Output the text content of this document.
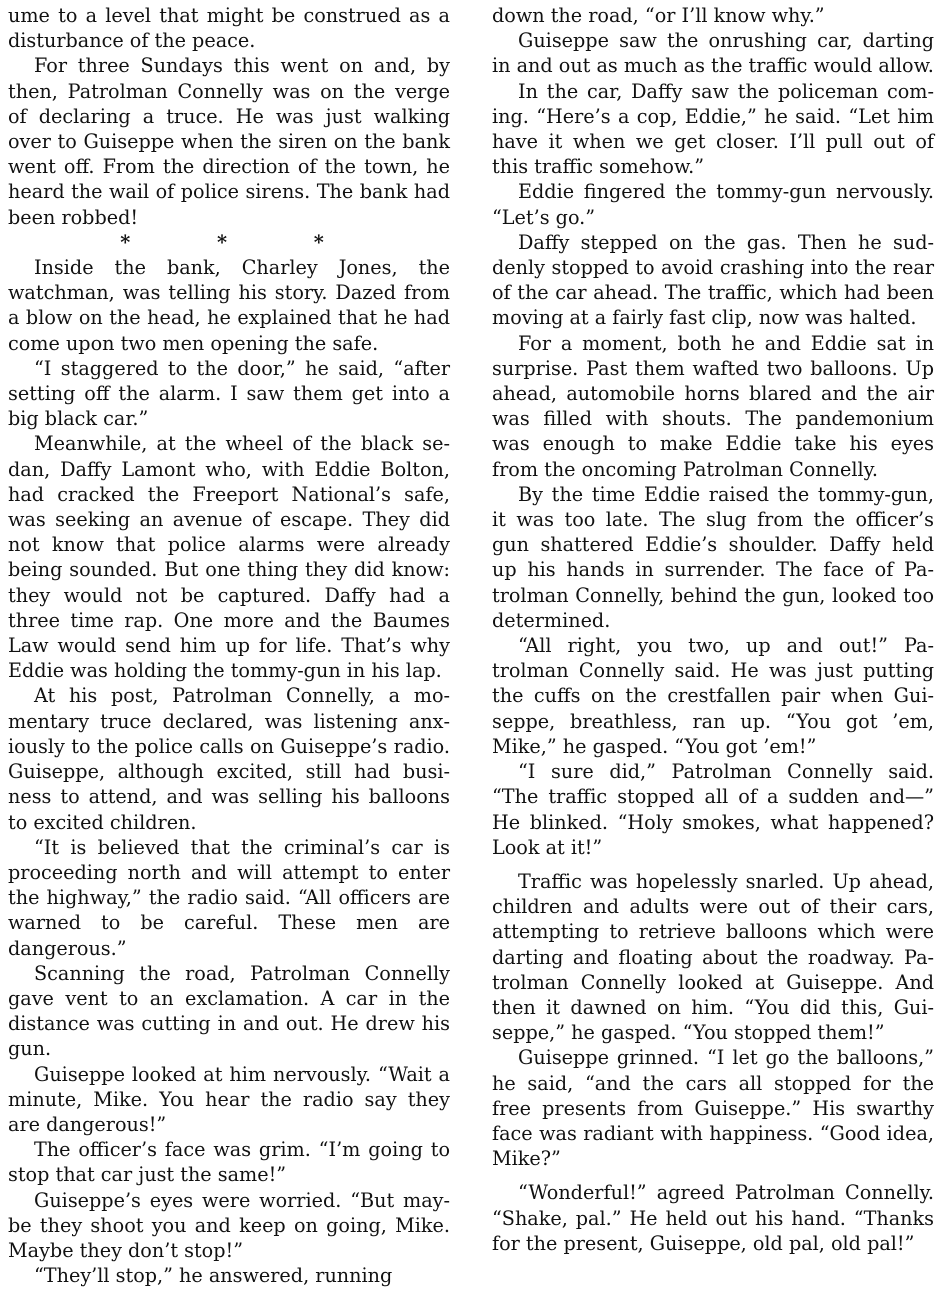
ume to a level that might be construed as a disturbance of the peace.

For three Sundays this went on and, by then, Patrolman Connelly was on the verge of declaring a truce. He was just walking over to Guiseppe when the siren on the bank went off. From the direction of the town, he heard the wail of police sirens. The bank had been robbed!

* * *

Inside the bank, Charley Jones, the watchman, was telling his story. Dazed from a blow on the head, he explained that he had come upon two men opening the safe.

“I staggered to the door,” he said, “after setting off the alarm. I saw them get into a big black car.”

Meanwhile, at the wheel of the black sedan, Daffy Lamont who, with Eddie Bolton, had cracked the Freeport National’s safe, was seeking an avenue of escape. They did not know that police alarms were already being sounded. But one thing they did know: they would not be captured. Daffy had a three time rap. One more and the Baumes Law would send him up for life. That’s why Eddie was holding the tommy-gun in his lap.

At his post, Patrolman Connelly, a momentary truce declared, was listening anxiously to the police calls on Guiseppe’s radio. Guiseppe, although excited, still had business to attend, and was selling his balloons to excited children.

“It is believed that the criminal’s car is proceeding north and will attempt to enter the highway,” the radio said. “All officers are warned to be careful. These men are dangerous.”

Scanning the road, Patrolman Connelly gave vent to an exclamation. A car in the distance was cutting in and out. He drew his gun.

Guiseppe looked at him nervously. “Wait a minute, Mike. You hear the radio say they are dangerous!”

The officer’s face was grim. “I’m going to stop that car just the same!”

Guiseppe’s eyes were worried. “But maybe they shoot you and keep on going, Mike. Maybe they don’t stop!”

“They’ll stop,” he answered, running

down the road, “or I’ll know why.”

Guiseppe saw the onrushing car, darting in and out as much as the traffic would allow.

In the car, Daffy saw the policeman coming. “Here’s a cop, Eddie,” he said. “Let him have it when we get closer. I’ll pull out of this traffic somehow.”

Eddie fingered the tommy-gun nervously. “Let’s go.”

Daffy stepped on the gas. Then he suddenly stopped to avoid crashing into the rear of the car ahead. The traffic, which had been moving at a fairly fast clip, now was halted.

For a moment, both he and Eddie sat in surprise. Past them wafted two balloons. Up ahead, automobile horns blared and the air was filled with shouts. The pandemonium was enough to make Eddie take his eyes from the oncoming Patrolman Connelly.

By the time Eddie raised the tommy-gun, it was too late. The slug from the officer’s gun shattered Eddie’s shoulder. Daffy held up his hands in surrender. The face of Patrolman Connelly, behind the gun, looked too determined.

“All right, you two, up and out!” Patrolman Connelly said. He was just putting the cuffs on the crestfallen pair when Guiseppe, breathless, ran up. “You got ’em, Mike,” he gasped. “You got ’em!”

“I sure did,” Patrolman Connelly said. “The traffic stopped all of a sudden and—” He blinked. “Holy smokes, what happened? Look at it!”

Traffic was hopelessly snarled. Up ahead, children and adults were out of their cars, attempting to retrieve balloons which were darting and floating about the roadway. Patrolman Connelly looked at Guiseppe. And then it dawned on him. “You did this, Guiseppe,” he gasped. “You stopped them!”

Guiseppe grinned. “I let go the balloons,” he said, “and the cars all stopped for the free presents from Guiseppe.” His swarthy face was radiant with happiness. “Good idea, Mike?”

“Wonderful!” agreed Patrolman Connelly. “Shake, pal.” He held out his hand. “Thanks for the present, Guiseppe, old pal, old pal!”
